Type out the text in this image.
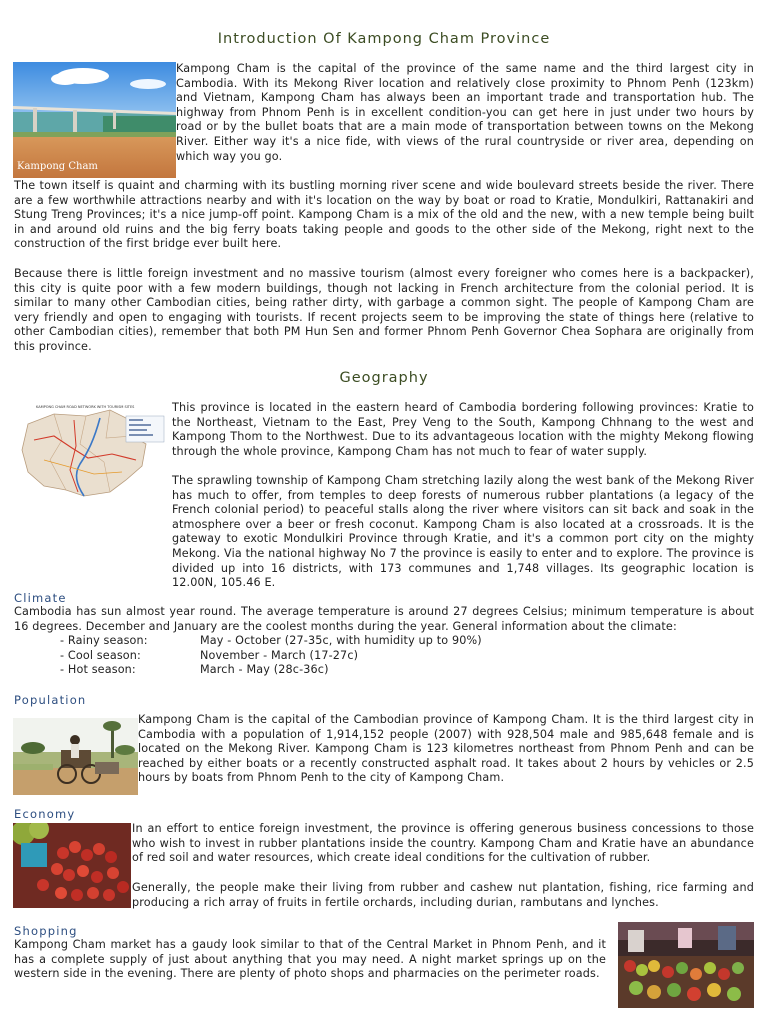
Introduction Of Kampong Cham Province
Kampong Cham

Kampong Cham is the capital of the province of the same name and the third largest city in Cambodia. With its Mekong River location and relatively close proximity to Phnom Penh (123km) and Vietnam, Kampong Cham has always been an important trade and transportation hub. The highway from Phnom Penh is in excellent condition-you can get here in just under two hours by road or by the bullet boats that are a main mode of transportation between towns on the Mekong River. Either way it's a nice fide, with views of the rural countryside or river area, depending on which way you go.

The town itself is quaint and charming with its bustling morning river scene and wide boulevard streets beside the river. There are a few worthwhile attractions nearby and with it's location on the way by boat or road to Kratie, Mondulkiri, Rattanakiri and Stung Treng Provinces; it's a nice jump-off point. Kampong Cham is a mix of the old and the new, with a new temple being built in and around old ruins and the big ferry boats taking people and goods to the other side of the Mekong, right next to the construction of the first bridge ever built here.

Because there is little foreign investment and no massive tourism (almost every foreigner who comes here is a backpacker), this city is quite poor with a few modern buildings, though not lacking in French architecture from the colonial period. It is similar to many other Cambodian cities, being rather dirty, with garbage a common sight. The people of Kampong Cham are very friendly and open to engaging with tourists. If recent projects seem to be improving the state of things here (relative to other Cambodian cities), remember that both PM Hun Sen and former Phnom Penh Governor Chea Sophara are originally from this province.

Geography
KAMPONG CHAM ROAD NETWORK WITH TOURISM SITES	This province is located in the eastern heard of Cambodia bordering following provinces: Kratie to the Northeast, Vietnam to the East, Prey Veng to the South, Kampong Chhnang to the west and Kampong Thom to the Northwest. Due to its advantageous location with the mighty Mekong flowing through the whole province, Kampong Cham has not much to fear of water supply.

The sprawling township of Kampong Cham stretching lazily along the west bank of the Mekong River has much to offer, from temples to deep forests of numerous rubber plantations (a legacy of the French colonial period) to peaceful stalls along the river where visitors can sit back and soak in the atmosphere over a beer or fresh coconut. Kampong Cham is also located at a crossroads. It is the gateway to exotic Mondulkiri Province through Kratie, and it's a common port city on the mighty Mekong. Via the national highway No 7 the province is easily to enter and to explore. The province is divided up into 16 districts, with 173 communes and 1,748 villages. Its geographic location is 12.00N, 105.46 E.

Climate

Cambodia has sun almost year round. The average temperature is around 27 degrees Celsius; minimum temperature is about 16 degrees. December and January are the coolest months during the year. General information about the climate:

- Rainy season:	May - October (27-35c, with humidity up to 90%)
- Cool season:	November - March (17-27c)
- Hot season:	March - May (28c-36c)
Population

Kampong Cham is the capital of the Cambodian province of Kampong Cham. It is the third largest city in Cambodia with a population of 1,914,152 people (2007) with 928,504 male and 985,648 female and is located on the Mekong River. Kampong Cham is 123 kilometres northeast from Phnom Penh and can be reached by either boats or a recently constructed asphalt road. It takes about 2 hours by vehicles or 2.5 hours by boats from Phnom Penh to the city of Kampong Cham.

Economy

In an effort to entice foreign investment, the province is offering generous business concessions to those who wish to invest in rubber plantations inside the country. Kampong Cham and Kratie have an abundance of red soil and water resources, which create ideal conditions for the cultivation of rubber.

Generally, the people make their living from rubber and cashew nut plantation, fishing, rice farming and producing a rich array of fruits in fertile orchards, including durian, rambutans and lynches.

Shopping

Kampong Cham market has a gaudy look similar to that of the Central Market in Phnom Penh, and it has a complete supply of just about anything that you may need. A night market springs up on the western side in the evening. There are plenty of photo shops and pharmacies on the perimeter roads.
